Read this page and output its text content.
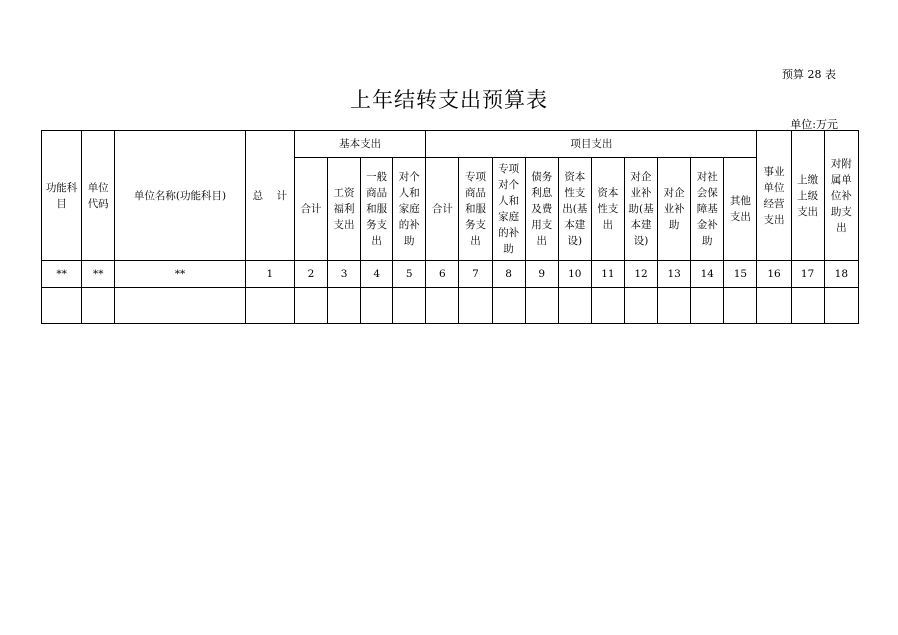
预算 28 表
上年结转支出预算表
单位:万元
功能科目	单位代码	单位名称(功能科目)	总    计	基本支出				项目支出										事业单位经营支出	上缴上级支出	对附属单位补助支出
				合计	工资福利支出	一般商品和服务支出	对个人和家庭的补助	合计	专项商品和服务支出	专项对个人和家庭的补助	债务利息及费用支出	资本性支出(基本建设)	资本性支出	对企业补助(基本建设)	对企业补助	对社会保障基金补助	其他支出			
**	**	**	1	2	3	4	5	6	7	8	9	10	11	12	13	14	15	16	17	18
